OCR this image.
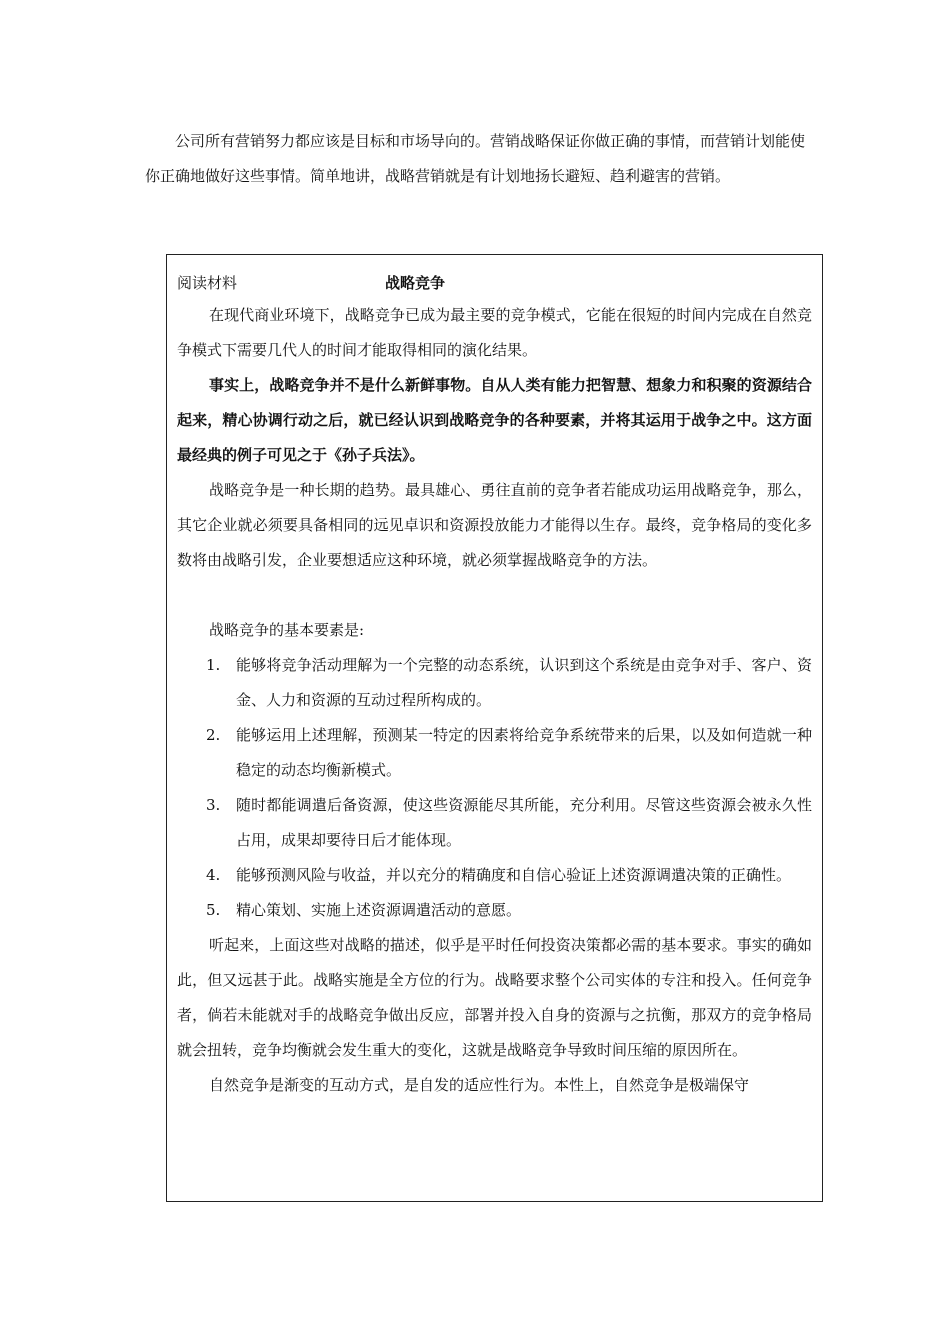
公司所有营销努力都应该是目标和市场导向的。营销战略保证你做正确的事情，而营销计划能使你正确地做好这些事情。简单地讲，战略营销就是有计划地扬长避短、趋利避害的营销。

阅读材料	战略竞争

在现代商业环境下，战略竞争已成为最主要的竞争模式，它能在很短的时间内完成在自然竞争模式下需要几代人的时间才能取得相同的演化结果。

事实上，战略竞争并不是什么新鲜事物。自从人类有能力把智慧、想象力和积聚的资源结合起来，精心协调行动之后，就已经认识到战略竞争的各种要素，并将其运用于战争之中。这方面最经典的例子可见之于《孙子兵法》。

战略竞争是一种长期的趋势。最具雄心、勇往直前的竞争者若能成功运用战略竞争，那么，其它企业就必须要具备相同的远见卓识和资源投放能力才能得以生存。最终，竞争格局的变化多数将由战略引发，企业要想适应这种环境，就必须掌握战略竞争的方法。

战略竞争的基本要素是:

1. 能够将竞争活动理解为一个完整的动态系统，认识到这个系统是由竞争对手、客户、资金、人力和资源的互动过程所构成的。
2. 能够运用上述理解，预测某一特定的因素将给竞争系统带来的后果，以及如何造就一种稳定的动态均衡新模式。
3. 随时都能调遣后备资源，使这些资源能尽其所能，充分利用。尽管这些资源会被永久性占用，成果却要待日后才能体现。
4. 能够预测风险与收益，并以充分的精确度和自信心验证上述资源调遣决策的正确性。
5. 精心策划、实施上述资源调遣活动的意愿。

听起来，上面这些对战略的描述，似乎是平时任何投资决策都必需的基本要求。事实的确如此，但又远甚于此。战略实施是全方位的行为。战略要求整个公司实体的专注和投入。任何竞争者，倘若未能就对手的战略竞争做出反应，部署并投入自身的资源与之抗衡，那双方的竞争格局就会扭转，竞争均衡就会发生重大的变化，这就是战略竞争导致时间压缩的原因所在。

自然竞争是渐变的互动方式，是自发的适应性行为。本性上，自然竞争是极端保守
